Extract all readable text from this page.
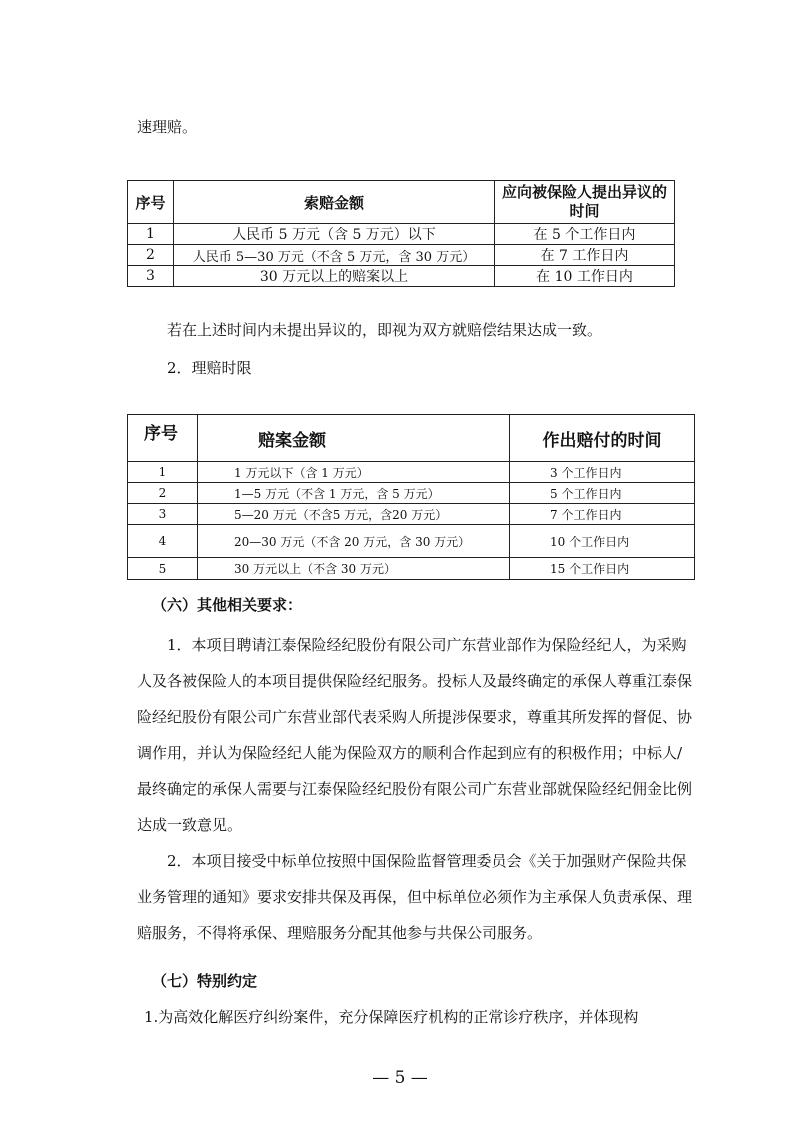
速理赔。
序号	索赔金额	应向被保险人提出异议的时间
1	人民币 5 万元（含 5 万元）以下	在 5 个工作日内
2	人民币 5—30 万元（不含 5 万元，含 30 万元）	在 7 工作日内
3	30 万元以上的赔案以上	在 10 工作日内
若在上述时间内未提出异议的，即视为双方就赔偿结果达成一致。
2．理赔时限
序号	赔案金额	作出赔付的时间
1	1 万元以下（含 1 万元）	3 个工作日内
2	1—5 万元（不含 1 万元，含 5 万元）	5 个工作日内
3	5—20 万元（不含5 万元，含20 万元）	7 个工作日内
4	20—30 万元（不含 20 万元，含 30 万元）	10 个工作日内
5	30 万元以上（不含 30 万元）	15 个工作日内
（六）其他相关要求：
1．本项目聘请江泰保险经纪股份有限公司广东营业部作为保险经纪人，为采购人及各被保险人的本项目提供保险经纪服务。投标人及最终确定的承保人尊重江泰保险经纪股份有限公司广东营业部代表采购人所提涉保要求，尊重其所发挥的督促、协调作用，并认为保险经纪人能为保险双方的顺利合作起到应有的积极作用；中标人/最终确定的承保人需要与江泰保险经纪股份有限公司广东营业部就保险经纪佣金比例达成一致意见。
2．本项目接受中标单位按照中国保险监督管理委员会《关于加强财产保险共保业务管理的通知》要求安排共保及再保，但中标单位必须作为主承保人负责承保、理赔服务，不得将承保、理赔服务分配其他参与共保公司服务。
（七）特别约定
1.为高效化解医疗纠纷案件，充分保障医疗机构的正常诊疗秩序，并体现构
— 5 —
